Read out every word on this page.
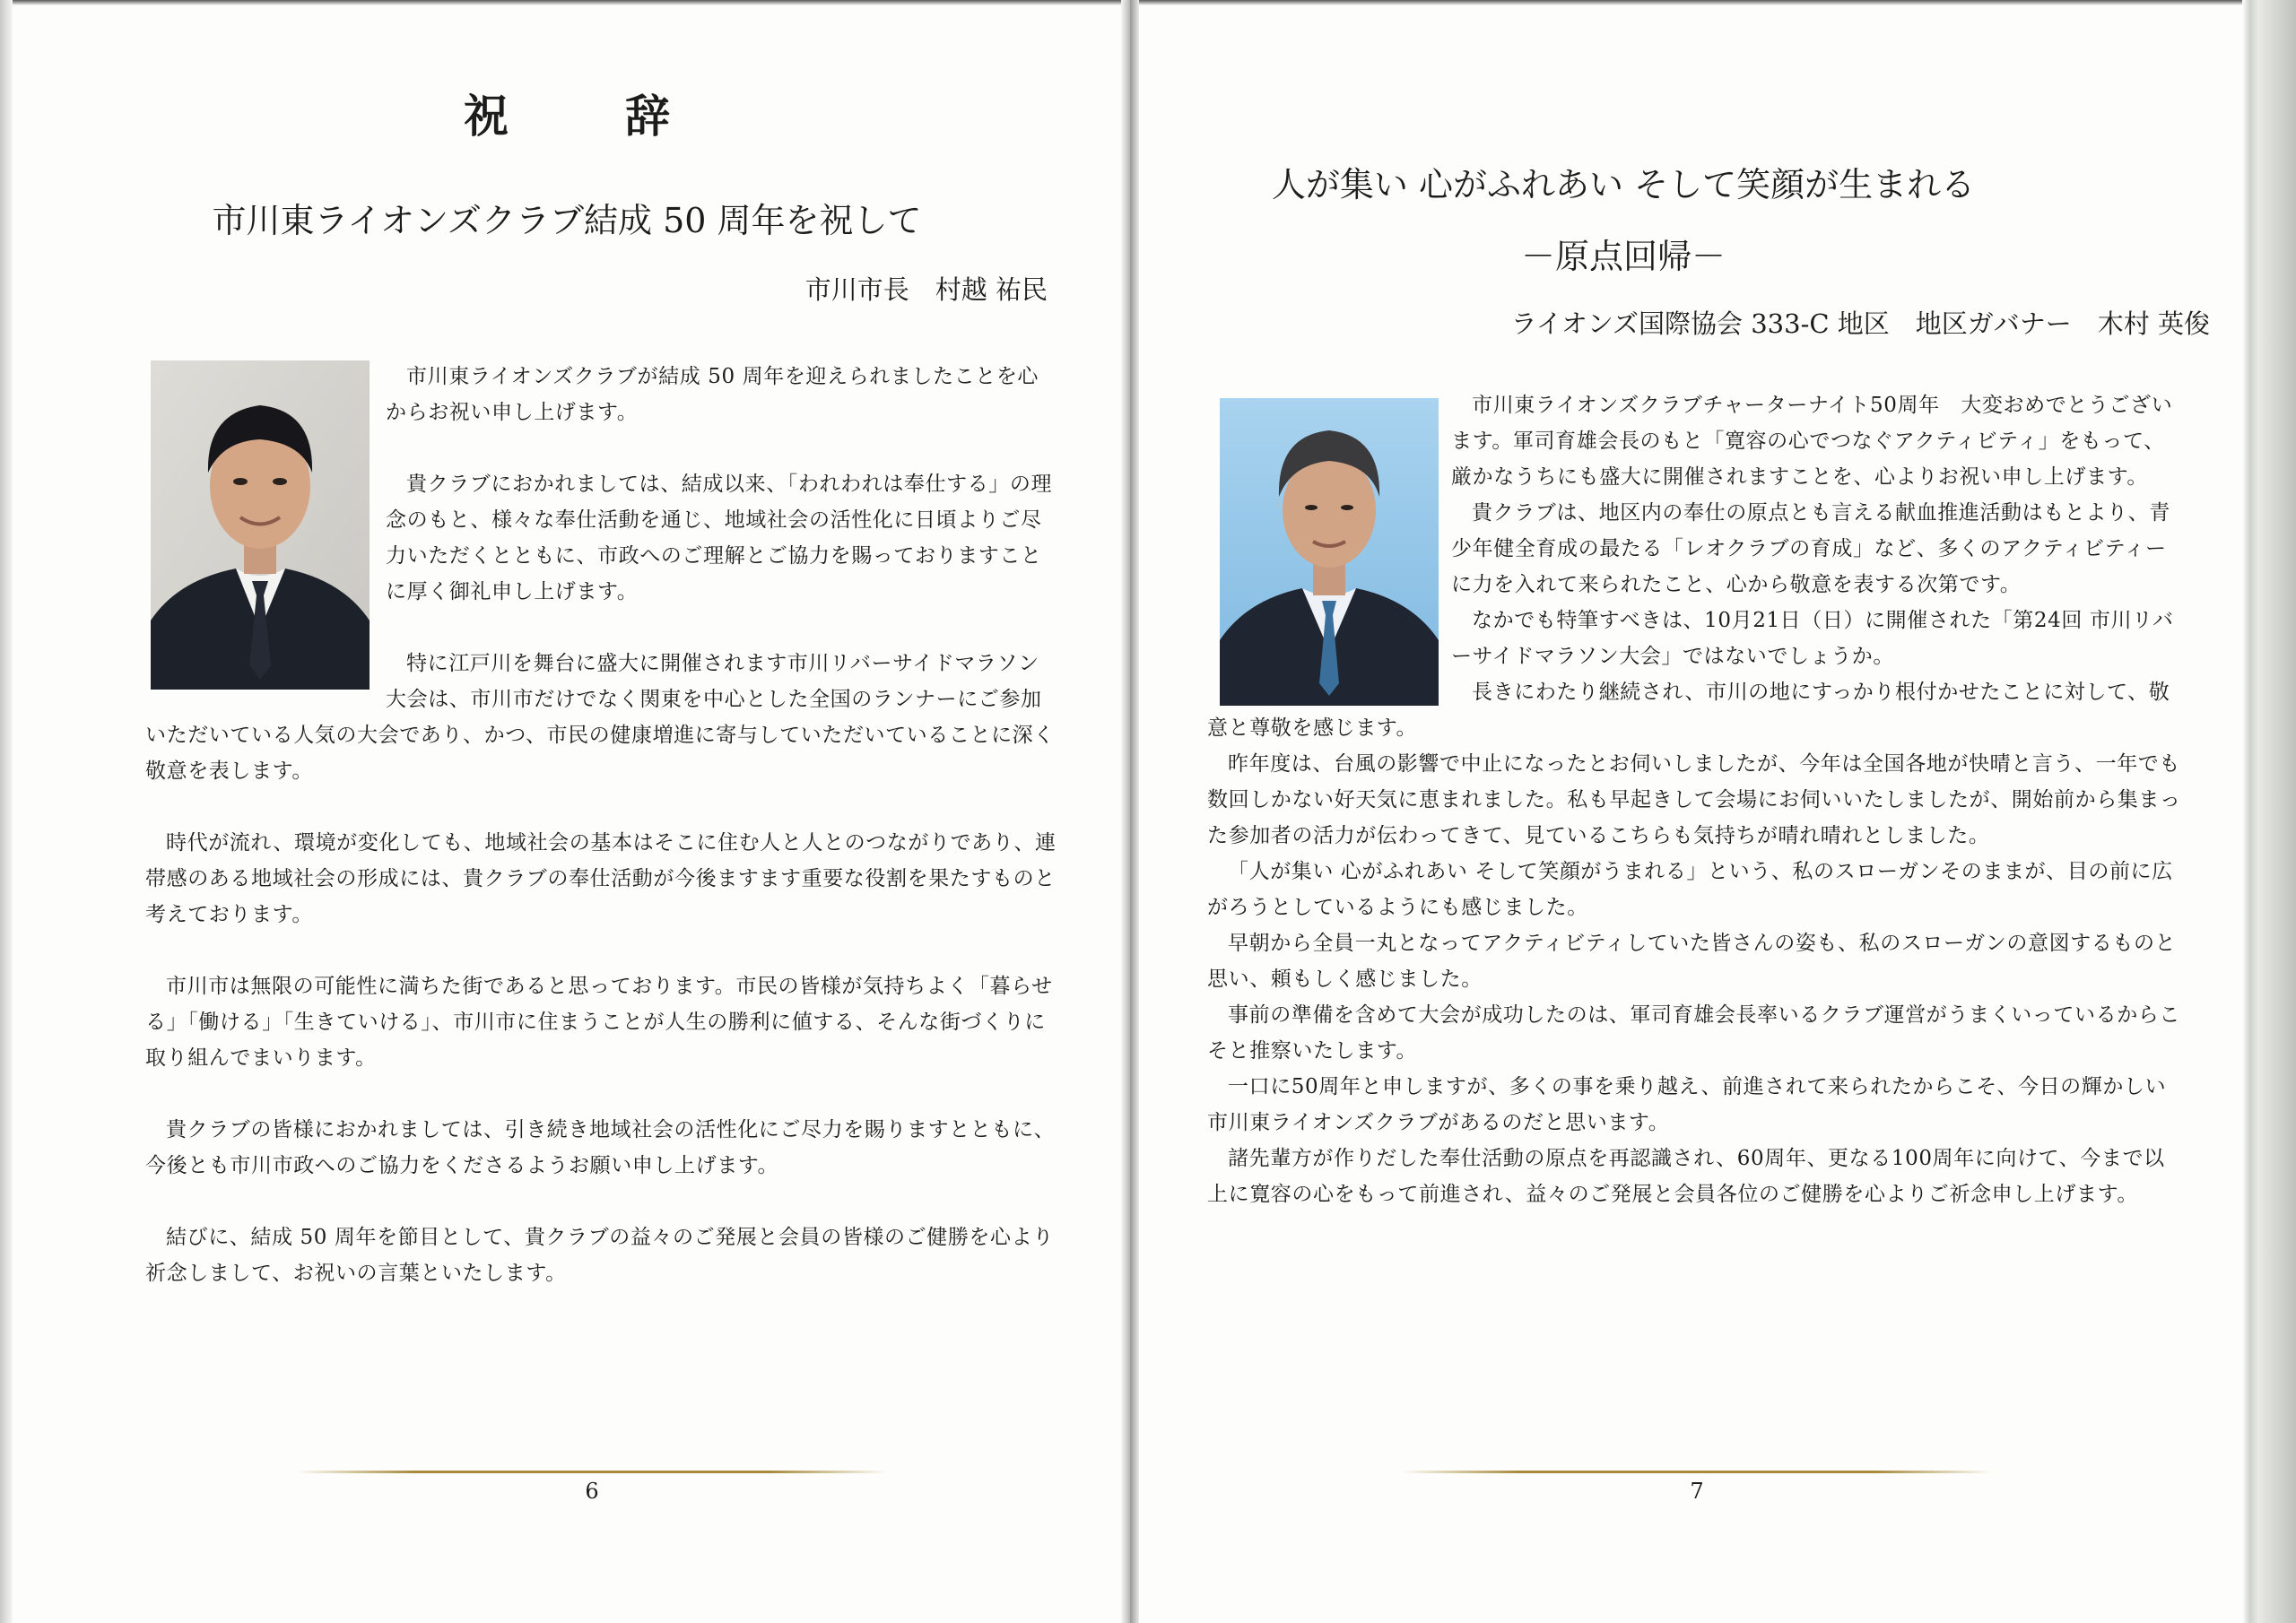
祝　辞
市川東ライオンズクラブ結成 50 周年を祝して
市川市長　村越 祐民

市川東ライオンズクラブが結成 50 周年を迎えられましたことを心からお祝い申し上げます。

貴クラブにおかれましては、結成以来、「われわれは奉仕する」の理念のもと、様々な奉仕活動を通じ、地域社会の活性化に日頃よりご尽力いただくとともに、市政へのご理解とご協力を賜っておりますことに厚く御礼申し上げます。

特に江戸川を舞台に盛大に開催されます市川リバーサイドマラソン大会は、市川市だけでなく関東を中心とした全国のランナーにご参加いただいている人気の大会であり、かつ、市民の健康増進に寄与していただいていることに深く敬意を表します。

時代が流れ、環境が変化しても、地域社会の基本はそこに住む人と人とのつながりであり、連帯感のある地域社会の形成には、貴クラブの奉仕活動が今後ますます重要な役割を果たすものと考えております。

市川市は無限の可能性に満ちた街であると思っております。市民の皆様が気持ちよく「暮らせる」「働ける」「生きていける」、市川市に住まうことが人生の勝利に値する、そんな街づくりに取り組んでまいります。

貴クラブの皆様におかれましては、引き続き地域社会の活性化にご尽力を賜りますとともに、今後とも市川市政へのご協力をくださるようお願い申し上げます。

結びに、結成 50 周年を節目として、貴クラブの益々のご発展と会員の皆様のご健勝を心より祈念しまして、お祝いの言葉といたします。

6
人が集い 心がふれあい そして笑顔が生まれる
－原点回帰－
ライオンズ国際協会 333-C 地区　地区ガバナー　木村 英俊

市川東ライオンズクラブチャーターナイト50周年　大変おめでとうございます。軍司育雄会長のもと「寛容の心でつなぐアクティビティ」をもって、厳かなうちにも盛大に開催されますことを、心よりお祝い申し上げます。

貴クラブは、地区内の奉仕の原点とも言える献血推進活動はもとより、青少年健全育成の最たる「レオクラブの育成」など、多くのアクティビティーに力を入れて来られたこと、心から敬意を表する次第です。

なかでも特筆すべきは、10月21日（日）に開催された「第24回 市川リバーサイドマラソン大会」ではないでしょうか。

長きにわたり継続され、市川の地にすっかり根付かせたことに対して、敬意と尊敬を感じます。

昨年度は、台風の影響で中止になったとお伺いしましたが、今年は全国各地が快晴と言う、一年でも数回しかない好天気に恵まれました。私も早起きして会場にお伺いいたしましたが、開始前から集まった参加者の活力が伝わってきて、見ているこちらも気持ちが晴れ晴れとしました。

「人が集い 心がふれあい そして笑顔がうまれる」という、私のスローガンそのままが、目の前に広がろうとしているようにも感じました。

早朝から全員一丸となってアクティビティしていた皆さんの姿も、私のスローガンの意図するものと思い、頼もしく感じました。

事前の準備を含めて大会が成功したのは、軍司育雄会長率いるクラブ運営がうまくいっているからこそと推察いたします。

一口に50周年と申しますが、多くの事を乗り越え、前進されて来られたからこそ、今日の輝かしい市川東ライオンズクラブがあるのだと思います。

諸先輩方が作りだした奉仕活動の原点を再認識され、60周年、更なる100周年に向けて、今まで以上に寛容の心をもって前進され、益々のご発展と会員各位のご健勝を心よりご祈念申し上げます。

7
